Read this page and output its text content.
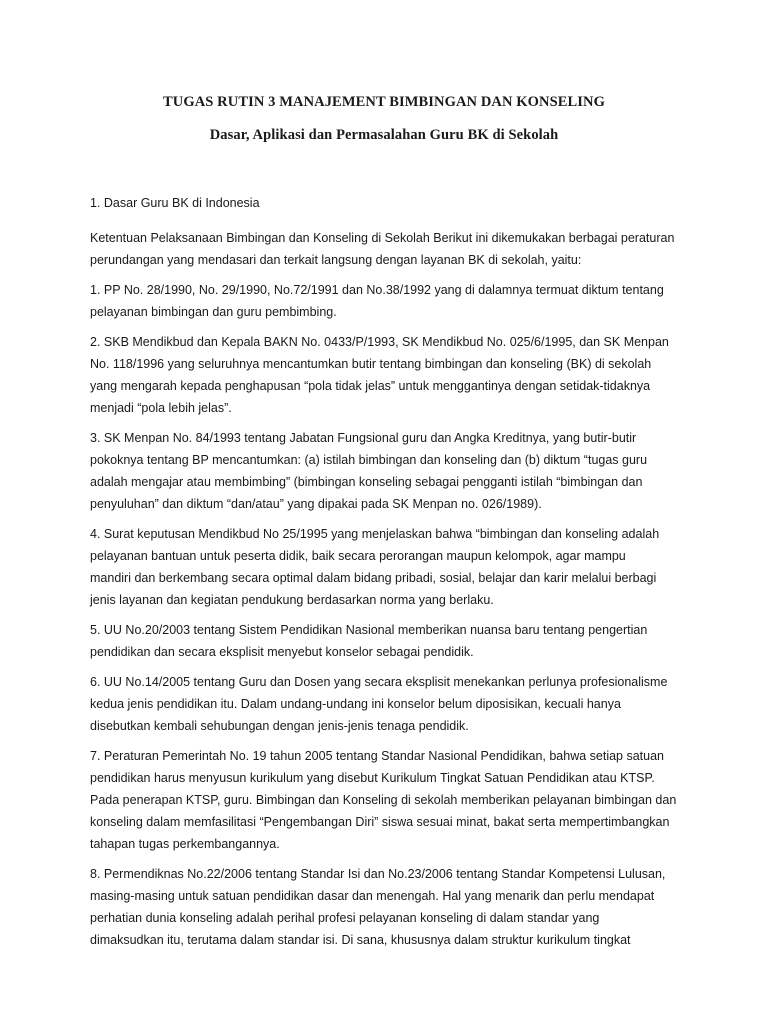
TUGAS RUTIN 3 MANAJEMENT BIMBINGAN DAN KONSELING
Dasar, Aplikasi dan Permasalahan Guru BK di Sekolah

1. Dasar Guru BK di Indonesia

Ketentuan Pelaksanaan Bimbingan dan Konseling di Sekolah Berikut ini dikemukakan berbagai peraturan
perundangan yang mendasari dan terkait langsung dengan layanan BK di sekolah, yaitu:

1. PP No. 28/1990, No. 29/1990, No.72/1991 dan No.38/1992 yang di dalamnya termuat diktum tentang
pelayanan bimbingan dan guru pembimbing.

2. SKB Mendikbud dan Kepala BAKN No. 0433/P/1993, SK Mendikbud No. 025/6/1995, dan SK Menpan
No. 118/1996 yang seluruhnya mencantumkan butir tentang bimbingan dan konseling (BK) di sekolah
yang mengarah kepada penghapusan “pola tidak jelas” untuk menggantinya dengan setidak-tidaknya
menjadi “pola lebih jelas”.

3. SK Menpan No. 84/1993 tentang Jabatan Fungsional guru dan Angka Kreditnya, yang butir-butir
pokoknya tentang BP mencantumkan: (a) istilah bimbingan dan konseling dan (b) diktum “tugas guru
adalah mengajar atau membimbing” (bimbingan konseling sebagai pengganti istilah “bimbingan dan
penyuluhan” dan diktum “dan/atau” yang dipakai pada SK Menpan no. 026/1989).

4. Surat keputusan Mendikbud No 25/1995 yang menjelaskan bahwa “bimbingan dan konseling adalah
pelayanan bantuan untuk peserta didik, baik secara perorangan maupun kelompok, agar mampu
mandiri dan berkembang secara optimal dalam bidang pribadi, sosial, belajar dan karir melalui berbagi
jenis layanan dan kegiatan pendukung berdasarkan norma yang berlaku.

5. UU No.20/2003 tentang Sistem Pendidikan Nasional memberikan nuansa baru tentang pengertian
pendidikan dan secara eksplisit menyebut konselor sebagai pendidik.

6. UU No.14/2005 tentang Guru dan Dosen yang secara eksplisit menekankan perlunya profesionalisme
kedua jenis pendidikan itu. Dalam undang-undang ini konselor belum diposisikan, kecuali hanya
disebutkan kembali sehubungan dengan jenis-jenis tenaga pendidik.

7. Peraturan Pemerintah No. 19 tahun 2005 tentang Standar Nasional Pendidikan, bahwa setiap satuan
pendidikan harus menyusun kurikulum yang disebut Kurikulum Tingkat Satuan Pendidikan atau KTSP.
Pada penerapan KTSP, guru. Bimbingan dan Konseling di sekolah memberikan pelayanan bimbingan dan
konseling dalam memfasilitasi “Pengembangan Diri” siswa sesuai minat, bakat serta mempertimbangkan
tahapan tugas perkembangannya.

8. Permendiknas No.22/2006 tentang Standar Isi dan No.23/2006 tentang Standar Kompetensi Lulusan,
masing-masing untuk satuan pendidikan dasar dan menengah. Hal yang menarik dan perlu mendapat
perhatian dunia konseling adalah perihal profesi pelayanan konseling di dalam standar yang
dimaksudkan itu, terutama dalam standar isi. Di sana, khususnya dalam struktur kurikulum tingkat
